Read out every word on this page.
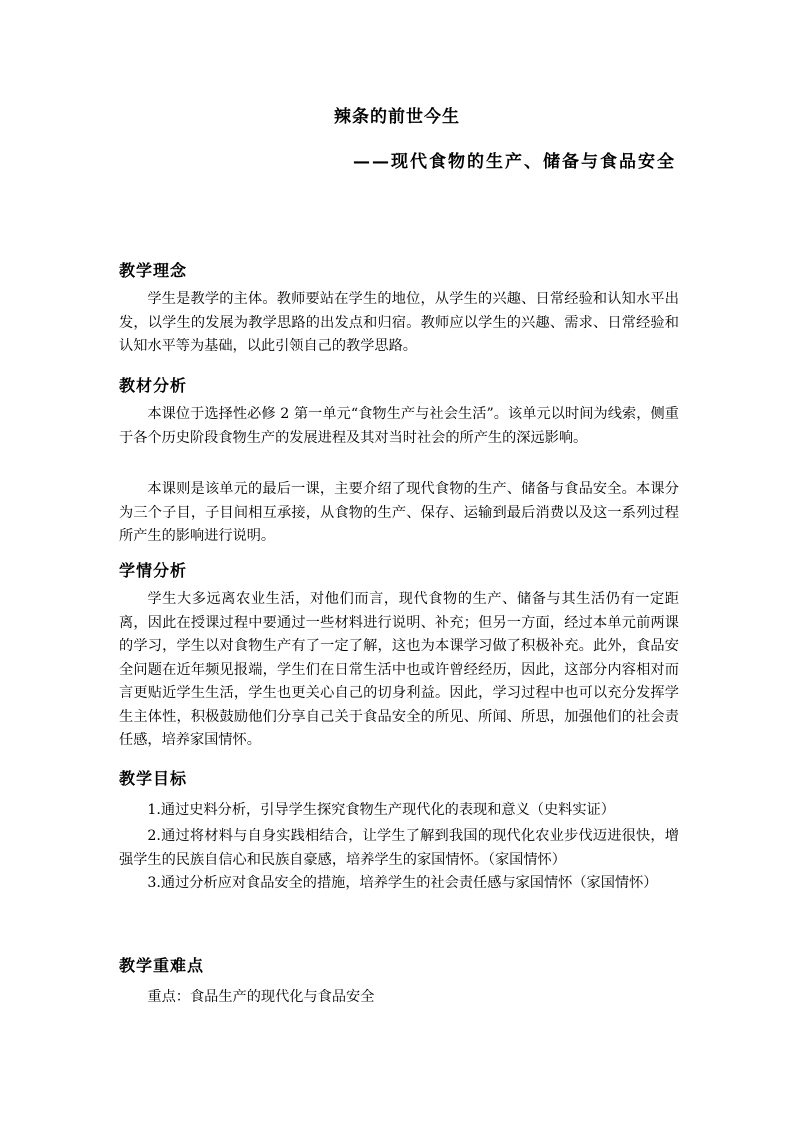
辣条的前世今生
——现代食物的生产、储备与食品安全
教学理念

学生是教学的主体。教师要站在学生的地位，从学生的兴趣、日常经验和认知水平出发，以学生的发展为教学思路的出发点和归宿。教师应以学生的兴趣、需求、日常经验和认知水平等为基础，以此引领自己的教学思路。

教材分析

本课位于选择性必修 2 第一单元“食物生产与社会生活”。该单元以时间为线索，侧重于各个历史阶段食物生产的发展进程及其对当时社会的所产生的深远影响。

本课则是该单元的最后一课，主要介绍了现代食物的生产、储备与食品安全。本课分为三个子目，子目间相互承接，从食物的生产、保存、运输到最后消费以及这一系列过程所产生的影响进行说明。

学情分析

学生大多远离农业生活，对他们而言，现代食物的生产、储备与其生活仍有一定距离，因此在授课过程中要通过一些材料进行说明、补充；但另一方面，经过本单元前两课的学习，学生以对食物生产有了一定了解，这也为本课学习做了积极补充。此外，食品安全问题在近年频见报端，学生们在日常生活中也或许曾经经历，因此，这部分内容相对而言更贴近学生生活，学生也更关心自己的切身利益。因此，学习过程中也可以充分发挥学生主体性，积极鼓励他们分享自己关于食品安全的所见、所闻、所思，加强他们的社会责任感，培养家国情怀。

教学目标

1.通过史料分析，引导学生探究食物生产现代化的表现和意义（史料实证）

2.通过将材料与自身实践相结合，让学生了解到我国的现代化农业步伐迈进很快，增强学生的民族自信心和民族自豪感，培养学生的家国情怀。（家国情怀）

3.通过分析应对食品安全的措施，培养学生的社会责任感与家国情怀（家国情怀）

教学重难点

重点：食品生产的现代化与食品安全
